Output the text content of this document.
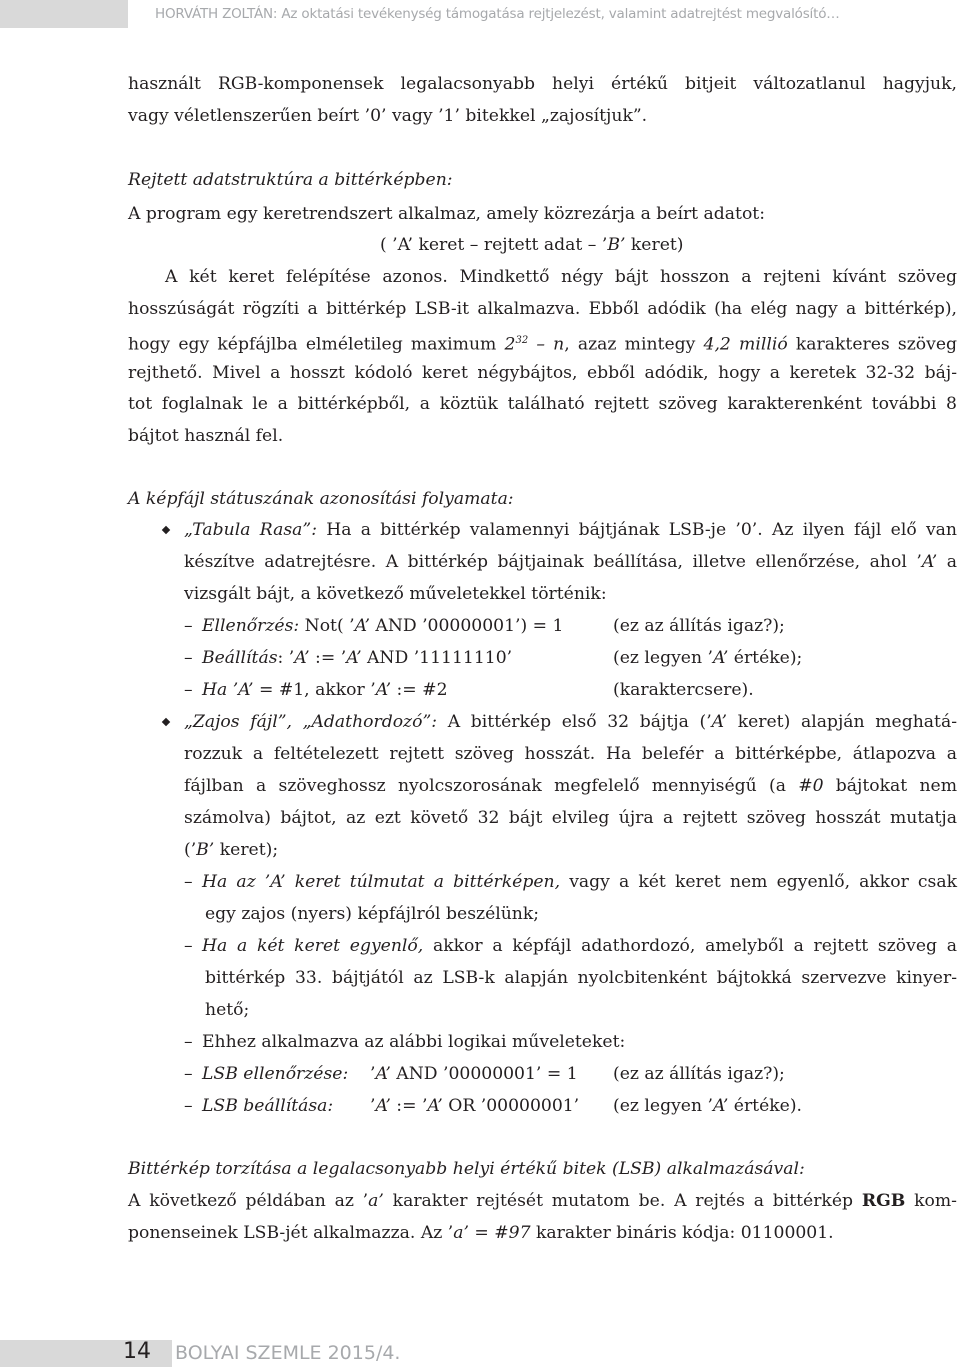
HORVÁTH ZOLTÁN: Az oktatási tevékenység támogatása rejtjelezést, valamint adatrejtést megvalósító…
használt RGB-komponensek legalacsonyabb helyi értékű bitjeit változatlanul hagyjuk,
vagy véletlenszerűen beírt ’0’ vagy ’1’ bitekkel „zajosítjuk”.
Rejtett adatstruktúra a bittérképben:
A program egy keretrendszert alkalmaz, amely közrezárja a beírt adatot:
( ’A’ keret – rejtett adat – ’B’ keret)
A két keret felépítése azonos. Mindkettő négy bájt hosszon a rejteni kívánt szöveg
hosszúságát rögzíti a bittérkép LSB-it alkalmazva. Ebből adódik (ha elég nagy a bittérkép),
hogy egy képfájlba elméletileg maximum $2^{32}$ – n, azaz mintegy 4,2 millió karakteres szöveg
rejthető. Mivel a hosszt kódoló keret négybájtos, ebből adódik, hogy a keretek 32-32 báj-
tot foglalnak le a bittérképből, a köztük található rejtett szöveg karakterenként további 8
bájtot használ fel.
A képfájl státuszának azonosítási folyamata:
„Tabula Rasa”: Ha a bittérkép valamennyi bájtjának LSB-je ’0’. Az ilyen fájl elő van
készítve adatrejtésre. A bittérkép bájtjainak beállítása, illetve ellenőrzése, ahol ’A’ a
vizsgált bájt, a következő műveletekkel történik:
– Ellenőrzés: Not( ’A’ AND ’00000001’) = 1	(ez az állítás igaz?);
– Beállítás: ’A’ := ’A’ AND ’11111110’	(ez legyen ’A’ értéke);
– Ha ’A’ = #1, akkor ’A’ := #2	(karaktercsere).
„Zajos fájl”, „Adathordozó”: A bittérkép első 32 bájtja (’A’ keret) alapján meghatá-
rozzuk a feltételezett rejtett szöveg hosszát. Ha belefér a bittérképbe, átlapozva a
fájlban a szöveghossz nyolcszorosának megfelelő mennyiségű (a #0 bájtokat nem
számolva) bájtot, az ezt követő 32 bájt elvileg újra a rejtett szöveg hosszát mutatja
(’B’ keret);
– Ha az ’A’ keret túlmutat a bittérképen, vagy a két keret nem egyenlő, akkor csak
egy zajos (nyers) képfájlról beszélünk;
– Ha a két keret egyenlő, akkor a képfájl adathordozó, amelyből a rejtett szöveg a
bittérkép 33. bájtjától az LSB-k alapján nyolcbitenként bájtokká szervezve kinyer-
hető;
– Ehhez alkalmazva az alábbi logikai műveleteket:
– LSB ellenőrzése: ’A’ AND ’00000001’ = 1 (ez az állítás igaz?);
– LSB beállítása: ’A’ := ’A’ OR ’00000001’ (ez legyen ’A’ értéke).
Bittérkép torzítása a legalacsonyabb helyi értékű bitek (LSB) alkalmazásával:
A következő példában az ’a’ karakter rejtését mutatom be. A rejtés a bittérkép RGB kom-
ponenseinek LSB-jét alkalmazza. Az ’a’ = #97 karakter bináris kódja: 01100001.
14 BOLYAI SZEMLE 2015/4.
